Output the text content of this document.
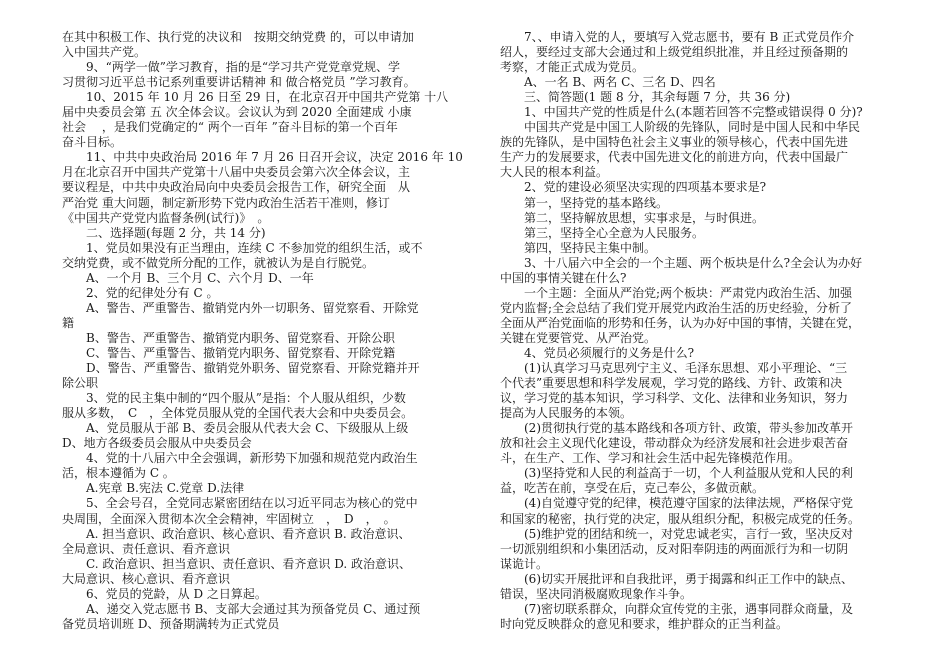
在其中积极工作、执行党的决议和　按期交纳党费 的，可以申请加
入中国共产党。
　　9、“两学一做”学习教育，指的是“学习共产党党章党规、学
习贯彻习近平总书记系列重要讲话精神 和 做合格党员 ”学习教育。
　　10、2015 年 10 月 26 日至 29 日，在北京召开中国共产党第 十八
届中央委员会第 五 次全体会议。会议认为到 2020 全面建成 小康
社会　 ，是我们党确定的“ 两个一百年 ”奋斗目标的第一个百年
奋斗目标。
　　11、中共中央政治局 2016 年 7 月 26 日召开会议，决定 2016 年 10
月在北京召开中国共产党第十八届中央委员会第六次全体会议，主
要议程是，中共中央政治局向中央委员会报告工作，研究全面　从
严治党 重大问题，制定新形势下党内政治生活若干准则，修订
《中国共产党党内监督条例(试行)》　。
　　二、选择题(每题 2 分，共 14 分)
　　1、党员如果没有正当理由，连续 C 不参加党的组织生活，或不
交纳党费，或不做党所分配的工作，就被认为是自行脱党。
　　A、一个月 B、三个月 C、六个月 D、一年
　　2、党的纪律处分有 C 。
　　A、警告、严重警告、撤销党内外一切职务、留党察看、开除党
籍
　　B、警告、严重警告、撤销党内职务、留党察看、开除公职
　　C、警告、严重警告、撤销党内职务、留党察看、开除党籍
　　D、警告、严重警告、撤销党外职务、留党察看、开除党籍并开
除公职
　　3、党的民主集中制的“四个服从”是指：个人服从组织，少数
服从多数，　C　，全体党员服从党的全国代表大会和中央委员会。
　　A、党员服从于部 B、委员会服从代表大会 C、下级服从上级
D、地方各级委员会服从中央委员会
　　4、党的十八届六中全会强调，新形势下加强和规范党内政治生
活，根本遵循为 C 。
　　A.宪章 B.宪法 C.党章 D.法律
　　5、全会号召，全党同志紧密团结在以习近平同志为核心的党中
央周围，全面深入贯彻本次全会精神，牢固树立　，　D　，　。
　　A. 担当意识、政治意识、核心意识、看齐意识 B. 政治意识、
全局意识、责任意识、看齐意识
　　C. 政治意识、担当意识、责任意识、看齐意识 D. 政治意识、
大局意识、核心意识、看齐意识
　　6、党员的党龄，从 D 之日算起。
　　A、递交入党志愿书 B、支部大会通过其为预备党员 C、通过预
备党员培训班 D、预备期满转为正式党员
　　7、、申请入党的人，要填写入党志愿书，要有 B 正式党员作介
绍人，要经过支部大会通过和上级党组织批准，并且经过预备期的
考察，才能正式成为党员。
　　A、一名 B、两名 C、三名 D、四名
　　三、简答题(1 题 8 分，其余每题 7 分，共 36 分)
　　1、中国共产党的性质是什么(本题若回答不完整或错误得 0 分)?
　　中国共产党是中国工人阶级的先锋队，同时是中国人民和中华民
族的先锋队，是中国特色社会主义事业的领导核心，代表中国先进
生产力的发展要求，代表中国先进文化的前进方向，代表中国最广
大人民的根本利益。
　　2、党的建设必须坚决实现的四项基本要求是?
　　第一，坚持党的基本路线。
　　第二，坚持解放思想，实事求是，与时俱进。
　　第三，坚持全心全意为人民服务。
　　第四，坚持民主集中制。
　　3、十八届六中全会的一个主题、两个板块是什么?全会认为办好
中国的事情关键在什么?
　　一个主题：全面从严治党;两个板块：严肃党内政治生活、加强
党内监督;全会总结了我们党开展党内政治生活的历史经验，分析了
全面从严治党面临的形势和任务，认为办好中国的事情，关键在党，
关键在党要管党、从严治党。
　　4、党员必须履行的义务是什么?
　　(1)认真学习马克思列宁主义、毛泽东思想、邓小平理论、“三
个代表”重要思想和科学发展观，学习党的路线、方针、政策和决
议，学习党的基本知识，学习科学、文化、法律和业务知识，努力
提高为人民服务的本领。
　　(2)贯彻执行党的基本路线和各项方针、政策，带头参加改革开
放和社会主义现代化建设，带动群众为经济发展和社会进步艰苦奋
斗，在生产、工作、学习和社会生活中起先锋模范作用。
　　(3)坚持党和人民的利益高于一切，个人利益服从党和人民的利
益，吃苦在前，享受在后，克己奉公，多做贡献。
　　(4)自觉遵守党的纪律，模范遵守国家的法律法规，严格保守党
和国家的秘密，执行党的决定，服从组织分配，积极完成党的任务。
　　(5)维护党的团结和统一，对党忠诚老实，言行一致，坚决反对
一切派别组织和小集团活动，反对阳奉阴违的两面派行为和一切阴
谋诡计。
　　(6)切实开展批评和自我批评，勇于揭露和纠正工作中的缺点、
错误，坚决同消极腐败现象作斗争。
　　(7)密切联系群众，向群众宣传党的主张，遇事同群众商量，及
时向党反映群众的意见和要求，维护群众的正当利益。
